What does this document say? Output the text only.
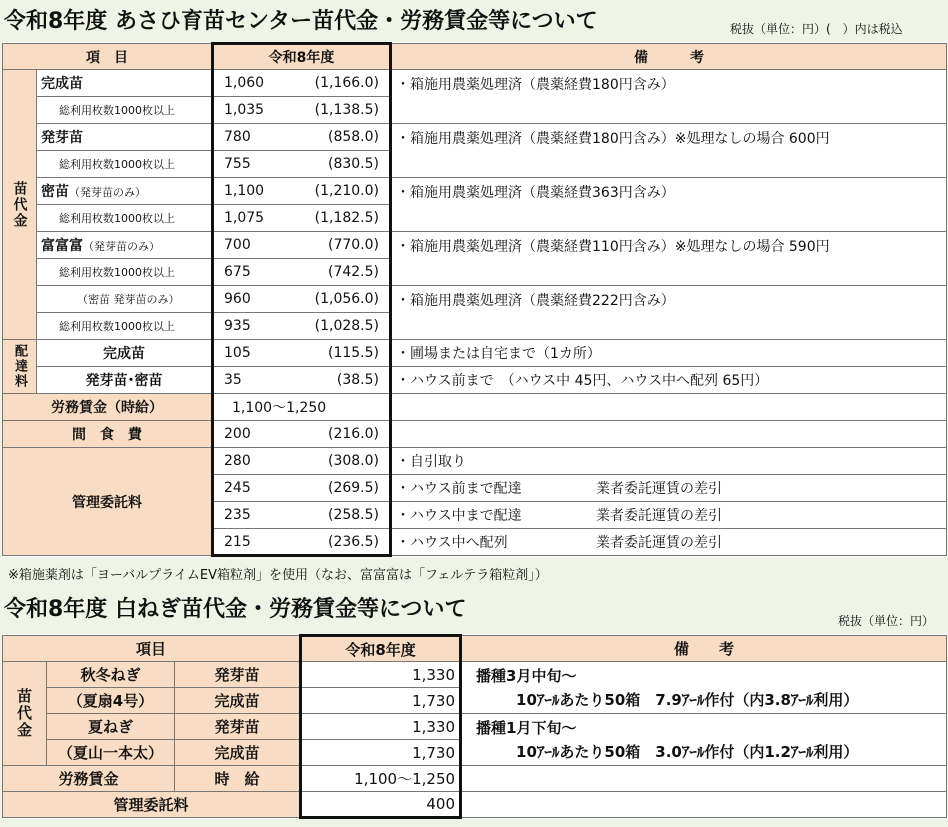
令和8年度 あさひ育苗センター苗代金・労務賃金等について	税抜（単位：円）(　）内は税込
項　目		令和8年度	備　　　考
苗代金	完成苗	1,060 (1,166.0)	・箱施用農薬処理済（農薬経費180円含み）
	総利用枚数1000枚以上	1,035 (1,138.5)	

	発芽苗	780 (858.0)	・箱施用農薬処理済（農薬経費180円含み）※処理なしの場合 600円
	総利用枚数1000枚以上	755 (830.5)	

	密苗（発芽苗のみ）	1,100 (1,210.0)	・箱施用農薬処理済（農薬経費363円含み）
	総利用枚数1000枚以上	1,075 (1,182.5)	

	富富富（発芽苗のみ）	700 (770.0)	・箱施用農薬処理済（農薬経費110円含み）※処理なしの場合 590円
	総利用枚数1000枚以上	675 (742.5)	

	（密苗 発芽苗のみ）	960 (1,056.0)	・箱施用農薬処理済（農薬経費222円含み）
	総利用枚数1000枚以上	935 (1,028.5)	

配達料	完成苗	105 (115.5)	・圃場または自宅まで（1カ所）
	発芽苗･密苗	35 (38.5)	・ハウス前まで　（ハウス中 45円、ハウス中へ配列 65円）
労務賃金（時給）		1,100～1,250	

間　食　費		200 (216.0)	

管理委託料		280 (308.0)	・自引取り

		245 (269.5)	・ハウス前まで配達 業者委託運賃の差引

		235 (258.5)	・ハウス中まで配達 業者委託運賃の差引

		215 (236.5)	・ハウス中へ配列 業者委託運賃の差引
※箱施薬剤は「ヨーバルプライムEV箱粒剤」を使用（なお、富富富は「フェルテラ箱粒剤」）
令和8年度 白ねぎ苗代金・労務賃金等について	税抜（単位：円）
項目			令和8年度	備　　考
苗代金	秋冬ねぎ	発芽苗	1,330	播種3月中旬～
10ｱｰﾙあたり50箱　7.9ｱｰﾙ作付（内3.8ｱｰﾙ利用）

	（夏扇4号）	完成苗	1,730	
	夏ねぎ	発芽苗	1,330	播種1月下旬～
10ｱｰﾙあたり50箱　3.0ｱｰﾙ作付（内1.2ｱｰﾙ利用）

	（夏山一本太）	完成苗	1,730	
労務賃金		時　給	1,100～1,250	
管理委託料			400	
